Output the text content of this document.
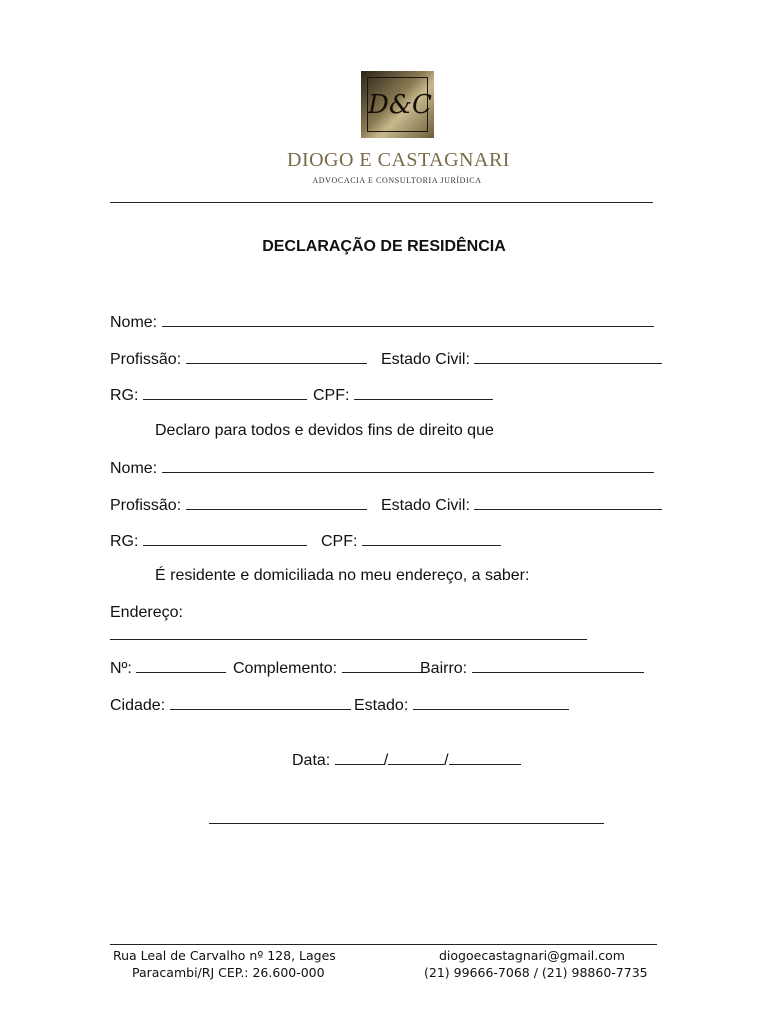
D&C
DIOGO E CASTAGNARI
ADVOCACIA E CONSULTORIA JURÍDICA
DECLARAÇÃO DE RESIDÊNCIA
Nome:
Profissão:	Estado Civil:
RG:	CPF:
Declaro para todos e devidos fins de direito que
Nome:
Profissão:	Estado Civil:
RG:	CPF:
É residente e domiciliada no meu endereço, a saber:
Endereço:
Nº:	Complemento:	Bairro:
Cidade:	Estado:
Data:	/	/
Rua Leal de Carvalho nº 128, Lages
Paracambi/RJ CEP.: 26.600-000
diogoecastagnari@gmail.com
(21) 99666-7068 / (21) 98860-7735
